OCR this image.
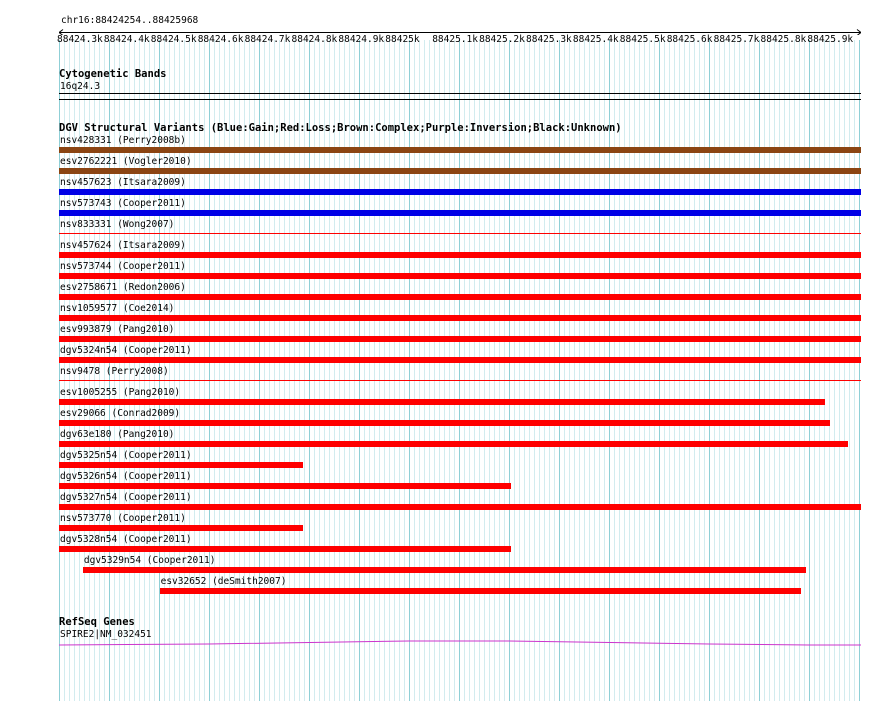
chr16:88424254..88425968
88424.3k 88424.4k 88424.5k 88424.6k 88424.7k 88424.8k 88424.9k 88425k 88425.1k 88425.2k 88425.3k 88425.4k 88425.5k 88425.6k 88425.7k 88425.8k 88425.9k
Cytogenetic Bands
16q24.3
DGV Structural Variants (Blue:Gain;Red:Loss;Brown:Complex;Purple:Inversion;Black:Unknown)
nsv428331 (Perry2008b)
esv2762221 (Vogler2010)
nsv457623 (Itsara2009)
nsv573743 (Cooper2011)
nsv833331 (Wong2007)
nsv457624 (Itsara2009)
nsv573744 (Cooper2011)
esv2758671 (Redon2006)
nsv1059577 (Coe2014)
esv993879 (Pang2010)
dgv5324n54 (Cooper2011)
nsv9478 (Perry2008)
esv1005255 (Pang2010)
esv29066 (Conrad2009)
dgv63e180 (Pang2010)
dgv5325n54 (Cooper2011)
dgv5326n54 (Cooper2011)
dgv5327n54 (Cooper2011)
nsv573770 (Cooper2011)
dgv5328n54 (Cooper2011)
dgv5329n54 (Cooper2011)
esv32652 (deSmith2007)
RefSeq Genes
SPIRE2|NM_032451
